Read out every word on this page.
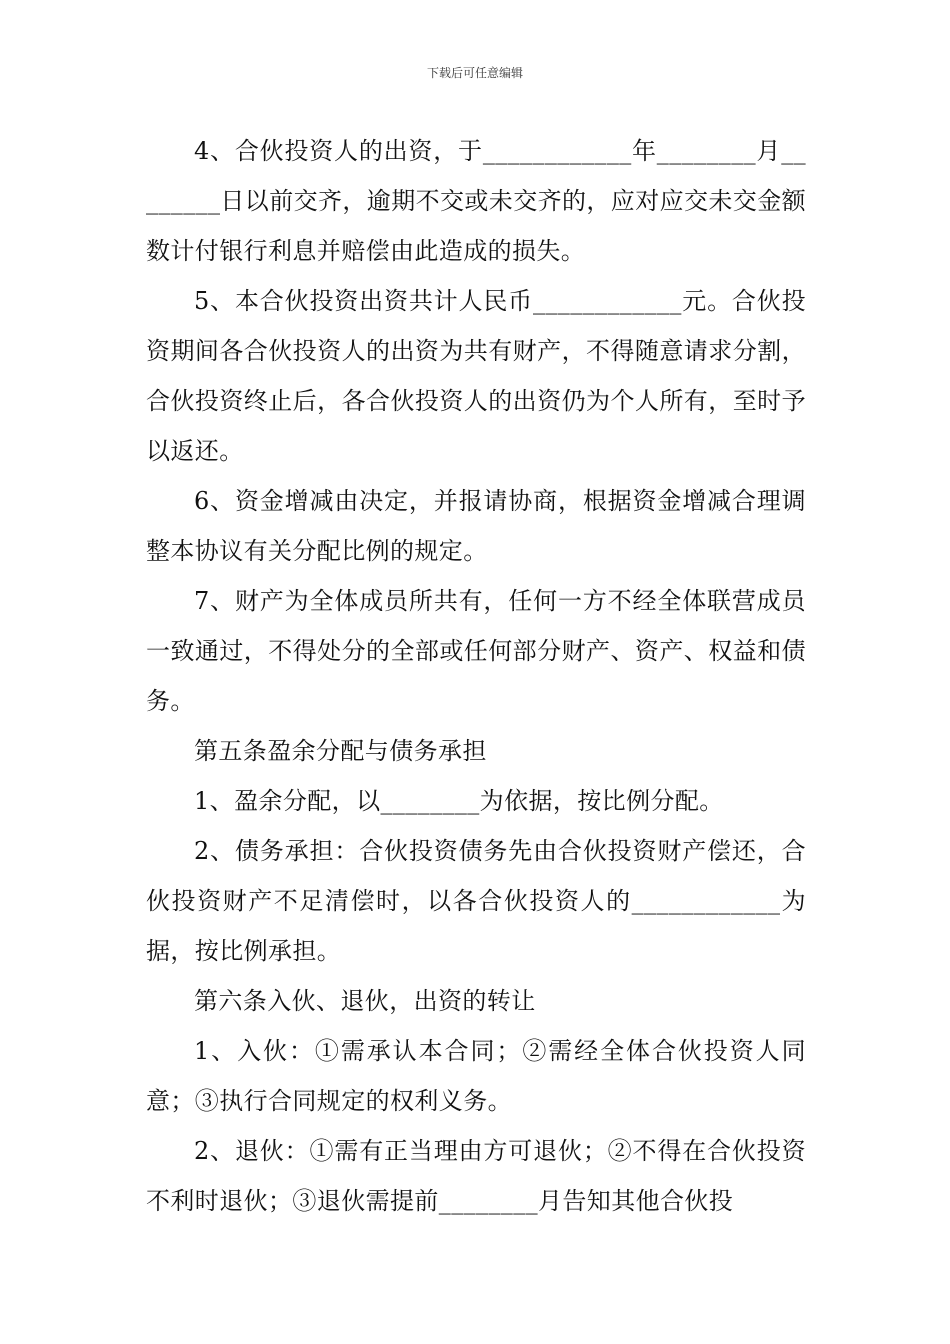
下载后可任意编辑

4、合伙投资人的出资，于____________年________月________日以前交齐，逾期不交或未交齐的，应对应交未交金额数计付银行利息并赔偿由此造成的损失。

5、本合伙投资出资共计人民币____________元。合伙投资期间各合伙投资人的出资为共有财产，不得随意请求分割，合伙投资终止后，各合伙投资人的出资仍为个人所有，至时予以返还。

6、资金增减由决定，并报请协商，根据资金增减合理调整本协议有关分配比例的规定。

7、财产为全体成员所共有，任何一方不经全体联营成员一致通过，不得处分的全部或任何部分财产、资产、权益和债务。

第五条盈余分配与债务承担

1、盈余分配，以________为依据，按比例分配。

2、债务承担：合伙投资债务先由合伙投资财产偿还，合伙投资财产不足清偿时，以各合伙投资人的____________为据，按比例承担。

第六条入伙、退伙，出资的转让

1、入伙：①需承认本合同；②需经全体合伙投资人同意；③执行合同规定的权利义务。

2、退伙：①需有正当理由方可退伙；②不得在合伙投资不利时退伙；③退伙需提前________月告知其他合伙投
